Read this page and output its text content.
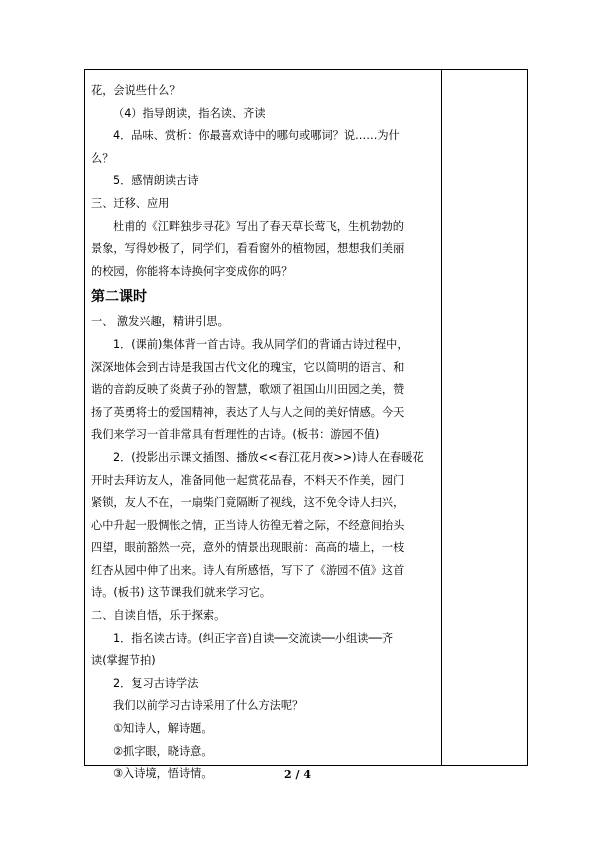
花，会说些什么？
（4）指导朗读，指名读、齐读
4．品味、赏析：你最喜欢诗中的哪句或哪词？说……为什
么？
5．感情朗读古诗
三、迁移、应用
杜甫的《江畔独步寻花》写出了春天草长莺飞，生机勃勃的
景象，写得妙极了，同学们，看看窗外的植物园，想想我们美丽
的校园，你能将本诗换何字变成你的吗？
第二课时
一、 激发兴趣，精讲引思。
1．(课前)集体背一首古诗。我从同学们的背诵古诗过程中，
深深地体会到古诗是我国古代文化的瑰宝，它以简明的语言、和
谐的音韵反映了炎黄子孙的智慧，歌颂了祖国山川田园之美，赞
扬了英勇将士的爱国精神，表达了人与人之间的美好情感。今天
我们来学习一首非常具有哲理性的古诗。(板书：游园不值)
2．(投影出示课文插图、播放<<春江花月夜>>)诗人在春暖花
开时去拜访友人，准备同他一起赏花品春，不料天不作美，园门
紧锁，友人不在，一扇柴门竟隔断了视线，这不免令诗人扫兴，
心中升起一股惆怅之情，正当诗人彷徨无着之际，不经意间抬头
四望，眼前豁然一亮，意外的情景出现眼前：高高的墙上，一枝
红杏从园中伸了出来。诗人有所感悟，写下了《游园不值》这首
诗。(板书) 这节课我们就来学习它。
二、自读自悟，乐于探索。
1．指名读古诗。(纠正字音)自读──交流读──小组读──齐
读(掌握节拍)
2．复习古诗学法
我们以前学习古诗采用了什么方法呢？
①知诗人，解诗题。
②抓字眼，晓诗意。
③入诗境，悟诗情。	2 / 4
